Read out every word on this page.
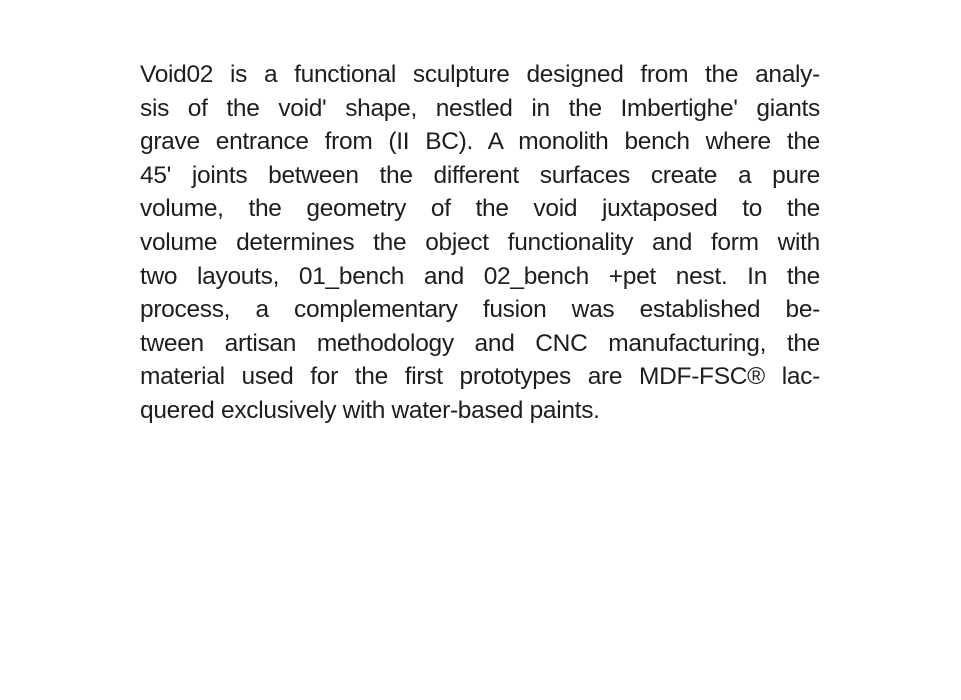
Void02 is a functional sculpture designed from the analy-
sis of the void' shape, nestled in the Imbertighe' giants
grave entrance from (II BC). A monolith bench where the
45' joints between the different surfaces create a pure
volume, the geometry of the void juxtaposed to the
volume determines the object functionality and form with
two layouts, 01_bench and 02_bench +pet nest. In the
process, a complementary fusion was established be-
tween artisan methodology and CNC manufacturing, the
material used for the first prototypes are MDF-FSC® lac-
quered exclusively with water-based paints.
